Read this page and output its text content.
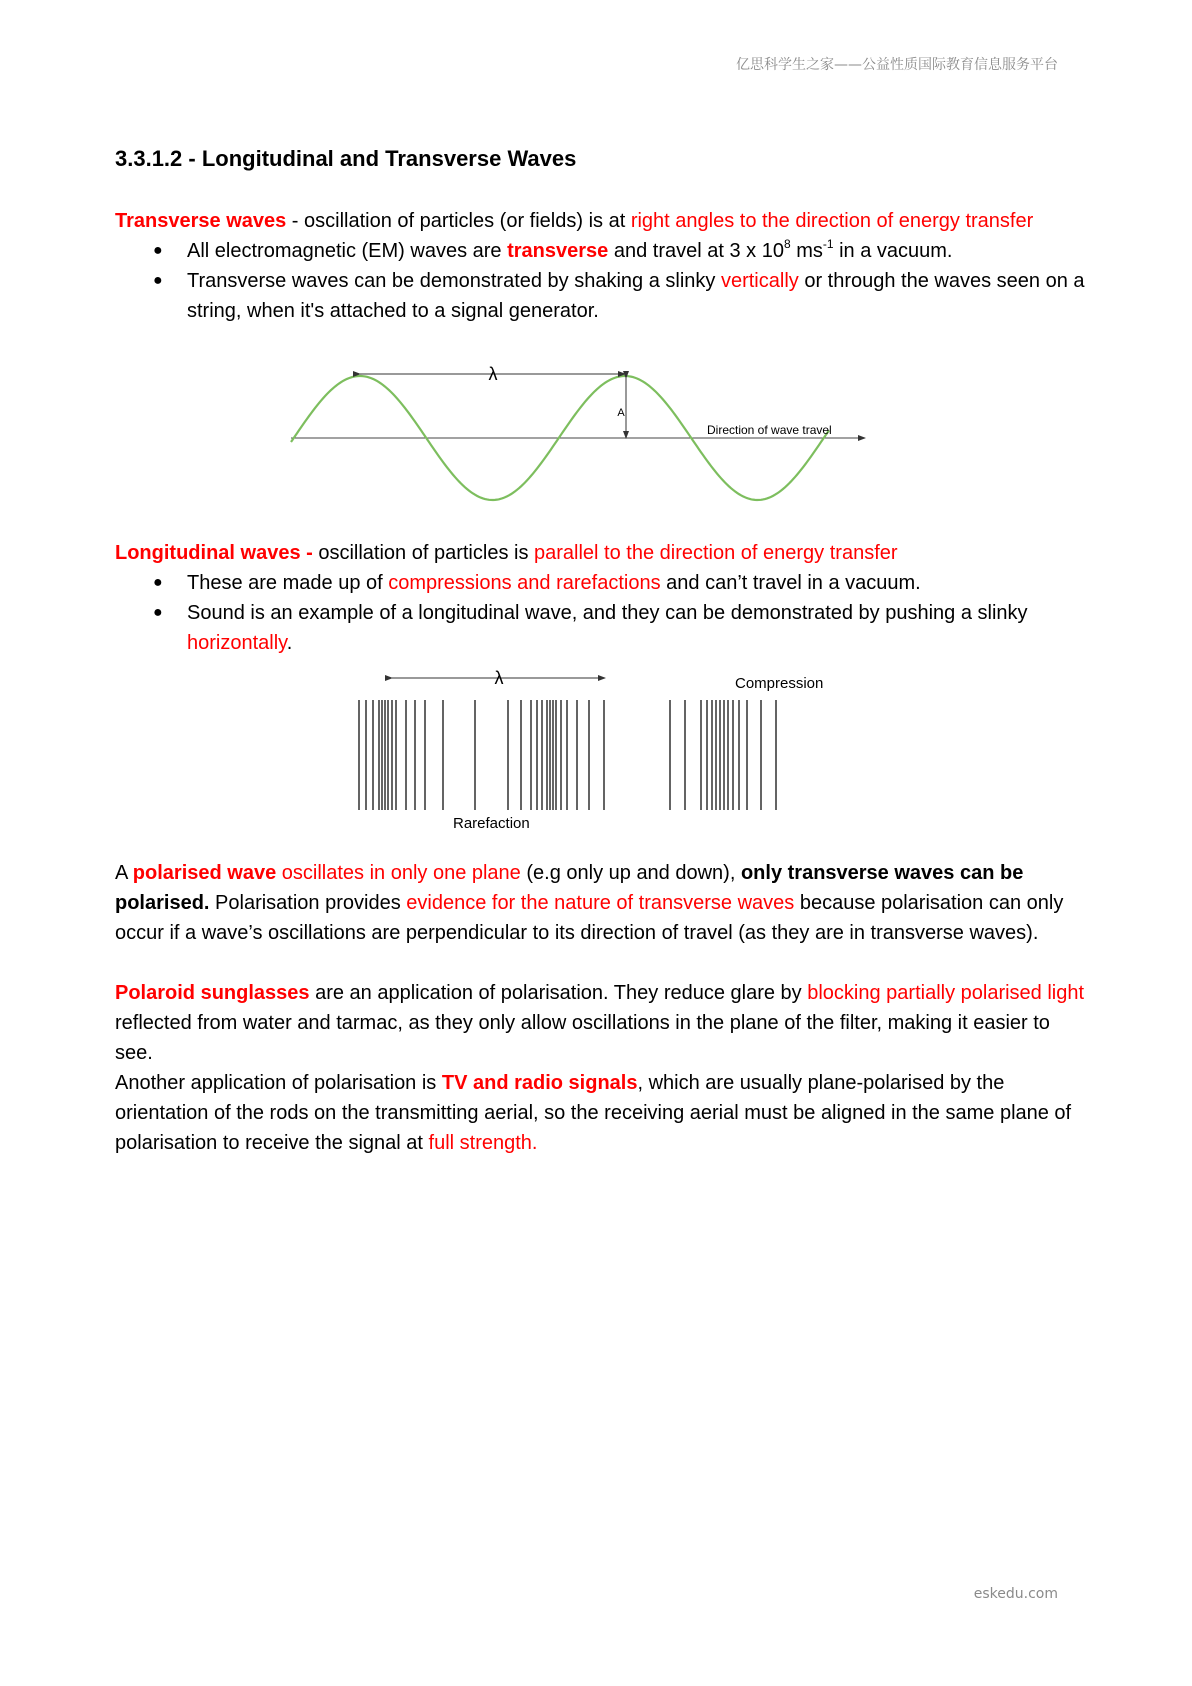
亿思科学生之家——公益性质国际教育信息服务平台
3.3.1.2 - Longitudinal and Transverse Waves

Transverse waves - oscillation of particles (or fields) is at right angles to the direction of energy transfer

● All electromagnetic (EM) waves are transverse and travel at 3 x $10^8$ $ms^{-1}$ in a vacuum.
● Transverse waves can be demonstrated by shaking a slinky vertically or through the waves seen on a string, when it's attached to a signal generator.
λ
A
Direction of wave travel

Longitudinal waves - oscillation of particles is parallel to the direction of energy transfer

● These are made up of compressions and rarefactions and can’t travel in a vacuum.
● Sound is an example of a longitudinal wave, and they can be demonstrated by pushing a slinky horizontally.
λ	Compression
Rarefaction

A polarised wave oscillates in only one plane (e.g only up and down), only transverse waves can be polarised. Polarisation provides evidence for the nature of transverse waves because polarisation can only occur if a wave’s oscillations are perpendicular to its direction of travel (as they are in transverse waves).

Polaroid sunglasses are an application of polarisation. They reduce glare by blocking partially polarised light reflected from water and tarmac, as they only allow oscillations in the plane of the filter, making it easier to see.

Another application of polarisation is TV and radio signals, which are usually plane-polarised by the orientation of the rods on the transmitting aerial, so the receiving aerial must be aligned in the same plane of polarisation to receive the signal at full strength.

eskedu.com
